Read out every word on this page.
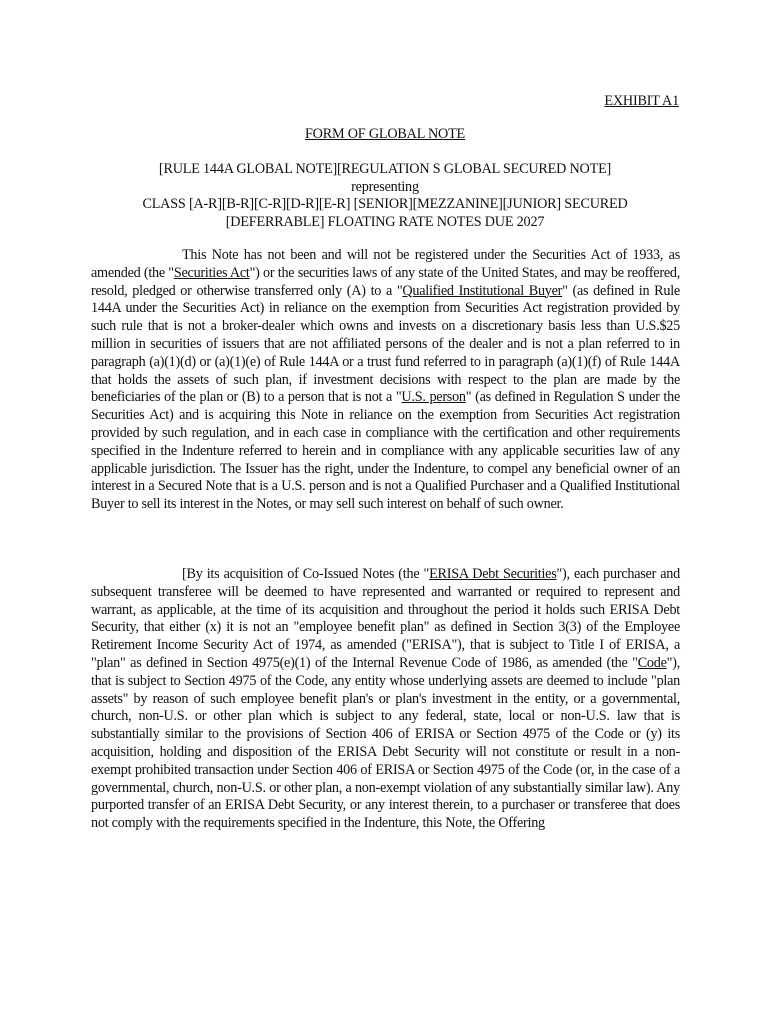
EXHIBIT A1
FORM OF GLOBAL NOTE
[RULE 144A GLOBAL NOTE][REGULATION S GLOBAL SECURED NOTE]
representing
CLASS [A-R][B-R][C-R][D-R][E-R] [SENIOR][MEZZANINE][JUNIOR] SECURED
[DEFERRABLE] FLOATING RATE NOTES DUE 2027
This Note has not been and will not be registered under the Securities Act of 1933, as amended (the "Securities Act") or the securities laws of any state of the United States, and may be reoffered, resold, pledged or otherwise transferred only (A) to a "Qualified Institutional Buyer" (as defined in Rule 144A under the Securities Act) in reliance on the exemption from Securities Act registration provided by such rule that is not a broker-dealer which owns and invests on a discretionary basis less than U.S.$25 million in securities of issuers that are not affiliated persons of the dealer and is not a plan referred to in paragraph (a)(1)(d) or (a)(1)(e) of Rule 144A or a trust fund referred to in paragraph (a)(1)(f) of Rule 144A that holds the assets of such plan, if investment decisions with respect to the plan are made by the beneficiaries of the plan or (B) to a person that is not a "U.S. person" (as defined in Regulation S under the Securities Act) and is acquiring this Note in reliance on the exemption from Securities Act registration provided by such regulation, and in each case in compliance with the certification and other requirements specified in the Indenture referred to herein and in compliance with any applicable securities law of any applicable jurisdiction. The Issuer has the right, under the Indenture, to compel any beneficial owner of an interest in a Secured Note that is a U.S. person and is not a Qualified Purchaser and a Qualified Institutional Buyer to sell its interest in the Notes, or may sell such interest on behalf of such owner.
[By its acquisition of Co-Issued Notes (the "ERISA Debt Securities"), each purchaser and subsequent transferee will be deemed to have represented and warranted or required to represent and warrant, as applicable, at the time of its acquisition and throughout the period it holds such ERISA Debt Security, that either (x) it is not an "employee benefit plan" as defined in Section 3(3) of the Employee Retirement Income Security Act of 1974, as amended ("ERISA"), that is subject to Title I of ERISA, a "plan" as defined in Section 4975(e)(1) of the Internal Revenue Code of 1986, as amended (the "Code"), that is subject to Section 4975 of the Code, any entity whose underlying assets are deemed to include "plan assets" by reason of such employee benefit plan's or plan's investment in the entity, or a governmental, church, non-U.S. or other plan which is subject to any federal, state, local or non-U.S. law that is substantially similar to the provisions of Section 406 of ERISA or Section 4975 of the Code or (y) its acquisition, holding and disposition of the ERISA Debt Security will not constitute or result in a non-exempt prohibited transaction under Section 406 of ERISA or Section 4975 of the Code (or, in the case of a governmental, church, non-U.S. or other plan, a non-exempt violation of any substantially similar law). Any purported transfer of an ERISA Debt Security, or any interest therein, to a purchaser or transferee that does not comply with the requirements specified in the Indenture, this Note, the Offering
